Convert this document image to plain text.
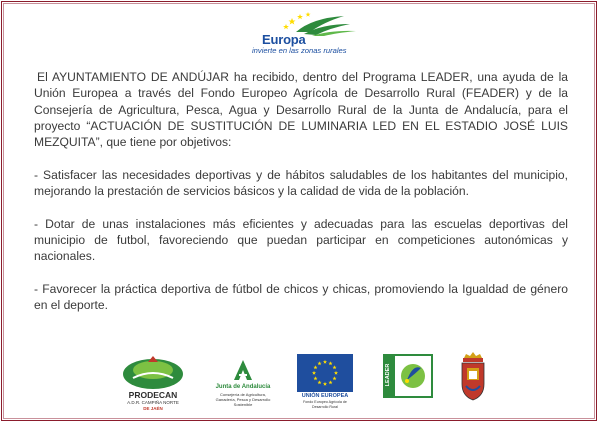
Europa
invierte en las zonas rurales

El AYUNTAMIENTO DE ANDÚJAR ha recibido, dentro del Programa LEADER, una ayuda de la Unión Europea a través del Fondo Europeo Agrícola de Desarrollo Rural (FEADER) y de la Consejería de Agricultura, Pesca, Agua y Desarrollo Rural de la Junta de Andalucía, para el proyecto “ACTUACIÓN DE SUSTITUCIÓN DE LUMINARIA LED EN EL ESTADIO JOSÉ LUIS MEZQUITA”, que tiene por objetivos:

- Satisfacer las necesidades deportivas y de hábitos saludables de los habitantes del municipio, mejorando la prestación de servicios básicos y la calidad de vida de la población.

- Dotar de unas instalaciones más eficientes y adecuadas para las escuelas deportivas del municipio de futbol, favoreciendo que puedan participar en competiciones autonómicas y nacionales.

- Favorecer la práctica deportiva de fútbol de chicos y chicas, promoviendo la Igualdad de género en el deporte.

PRODECAN
A.D.R. CAMPIÑA NORTE
DE JAÉN
Junta de Andalucía
Consejería de Agricultura, Ganadería, Pesca y Desarrollo Sostenible
UNIÓN EUROPEA
Fondo Europeo Agrícola de Desarrollo Rural
LEADER
